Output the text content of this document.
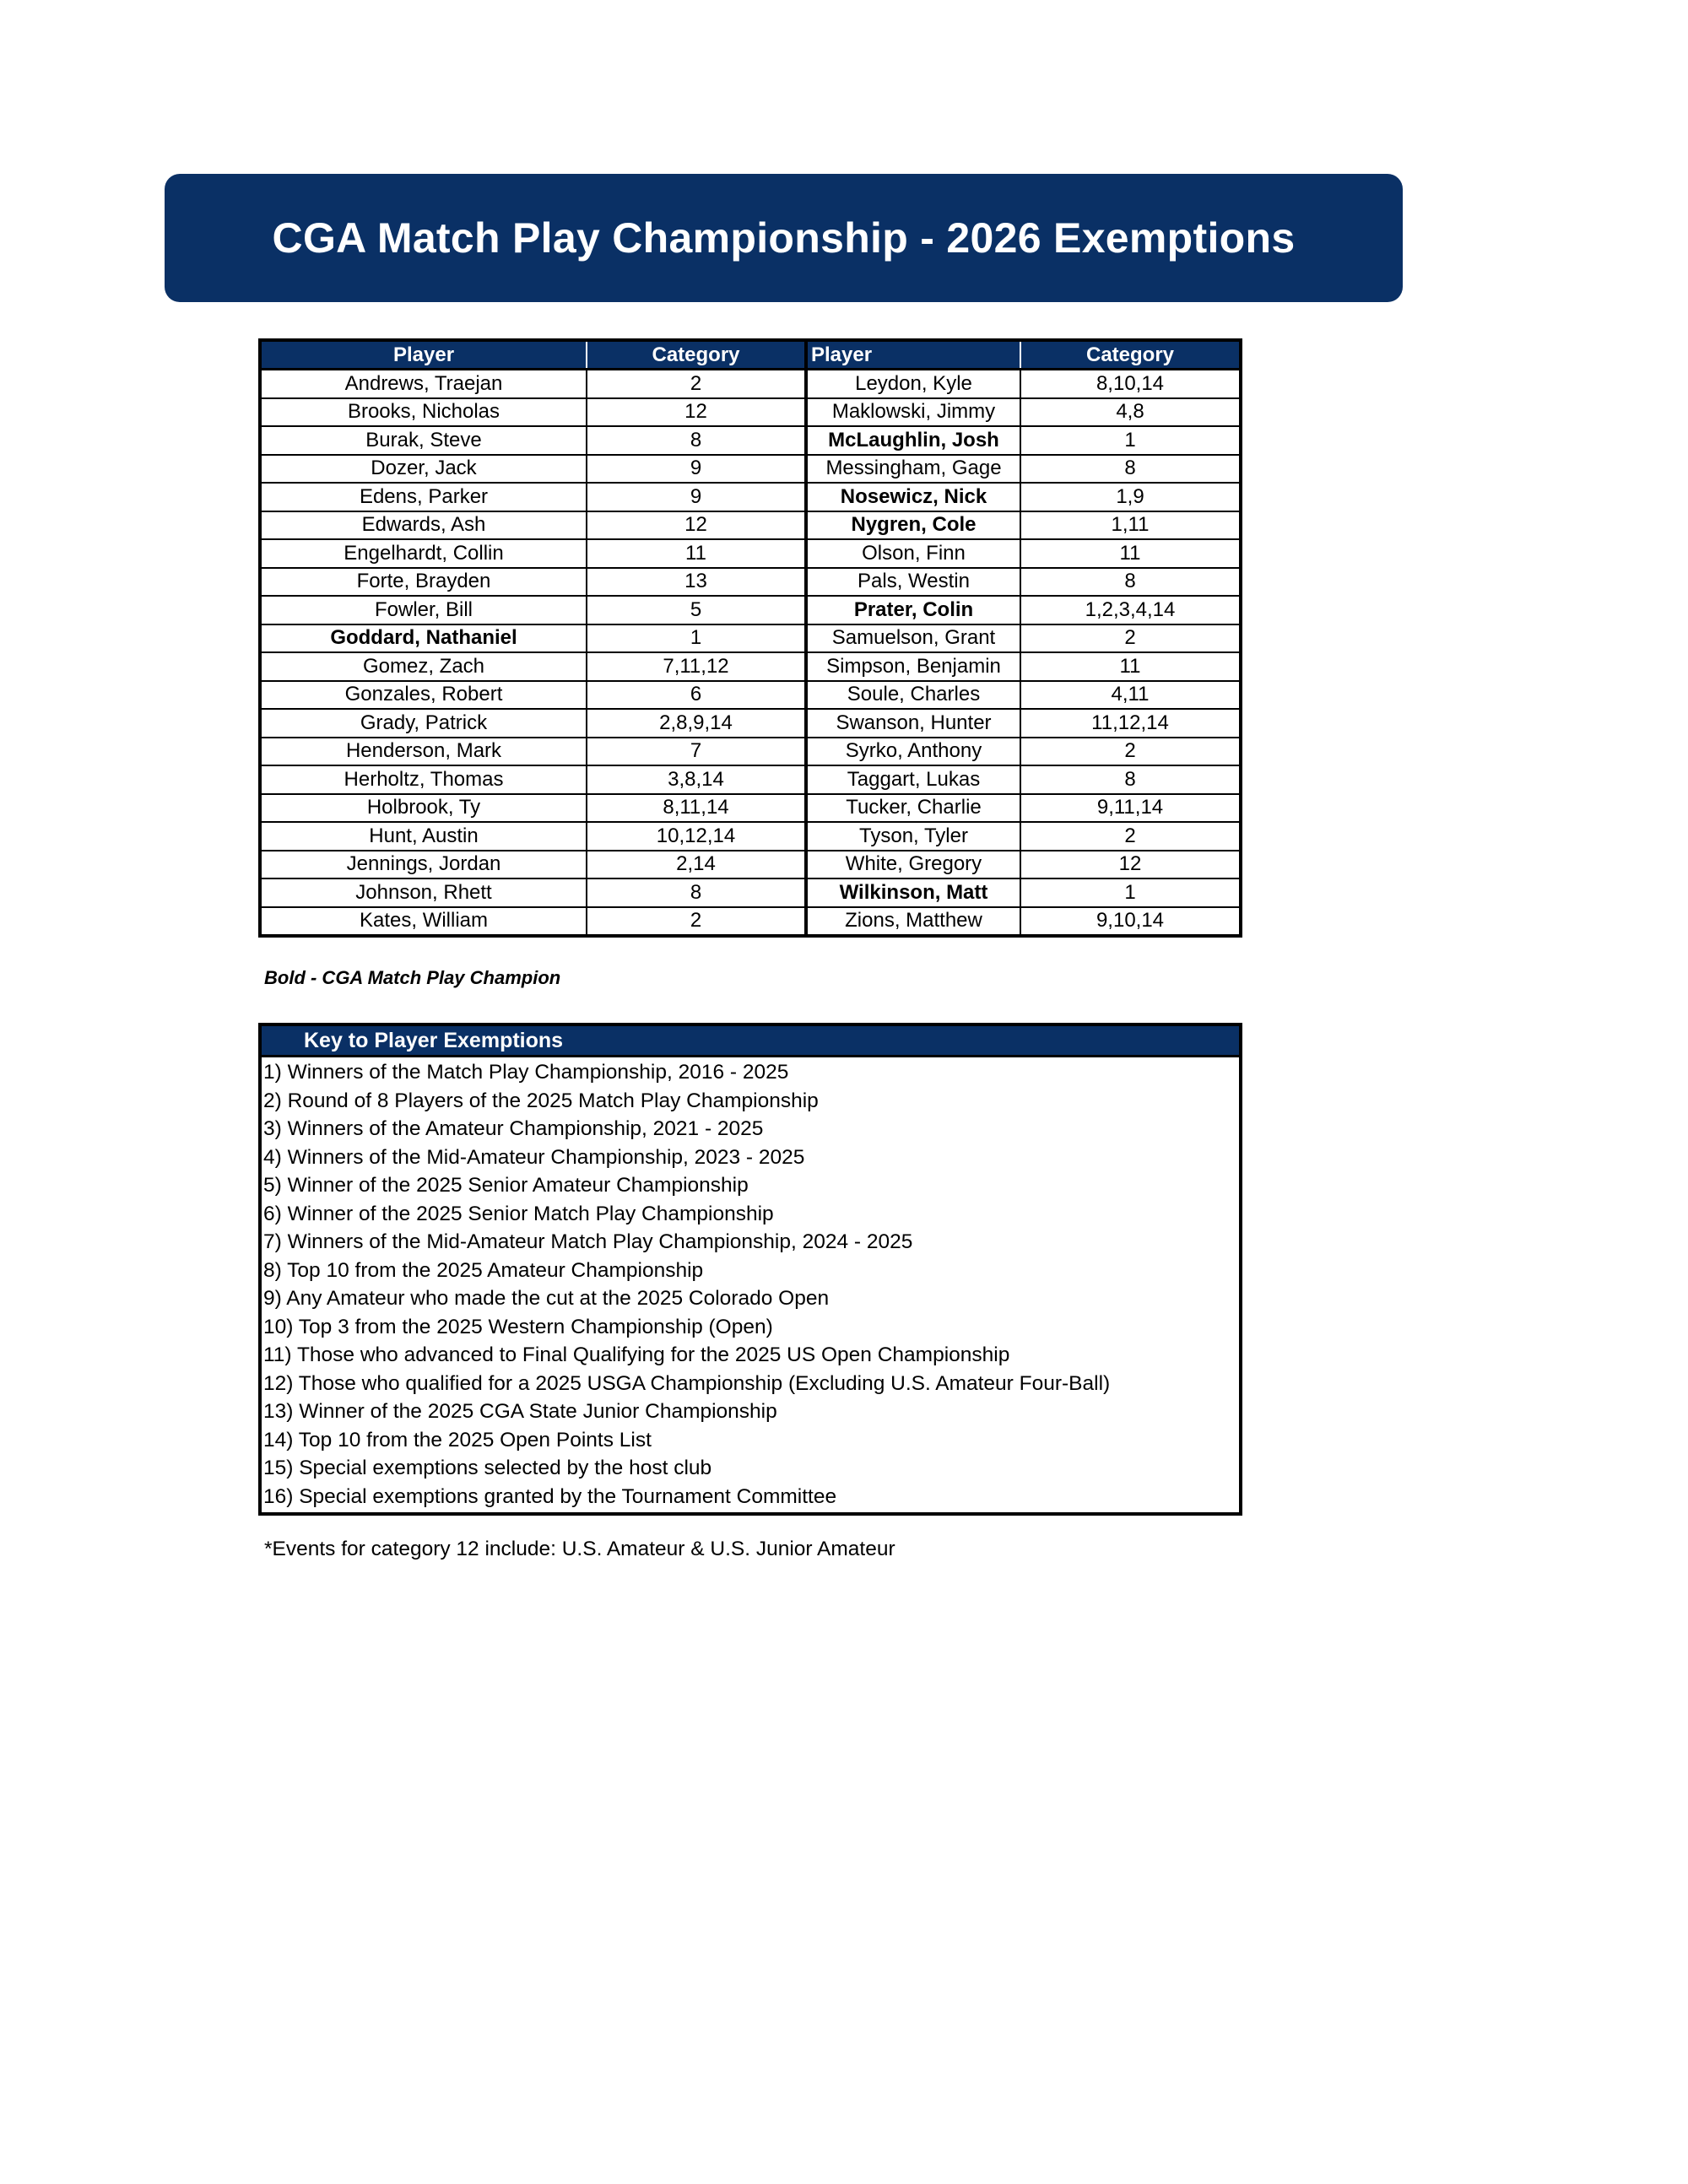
CGA Match Play Championship - 2026 Exemptions
Player	Category	Player	Category
Andrews, Traejan	2	Leydon, Kyle	8,10,14
Brooks, Nicholas	12	Maklowski, Jimmy	4,8
Burak, Steve	8	McLaughlin, Josh	1
Dozer, Jack	9	Messingham, Gage	8
Edens, Parker	9	Nosewicz, Nick	1,9
Edwards, Ash	12	Nygren, Cole	1,11
Engelhardt, Collin	11	Olson, Finn	11
Forte, Brayden	13	Pals, Westin	8
Fowler, Bill	5	Prater, Colin	1,2,3,4,14
Goddard, Nathaniel	1	Samuelson, Grant	2
Gomez, Zach	7,11,12	Simpson, Benjamin	11
Gonzales, Robert	6	Soule, Charles	4,11
Grady, Patrick	2,8,9,14	Swanson, Hunter	11,12,14
Henderson, Mark	7	Syrko, Anthony	2
Herholtz, Thomas	3,8,14	Taggart, Lukas	8
Holbrook, Ty	8,11,14	Tucker, Charlie	9,11,14
Hunt, Austin	10,12,14	Tyson, Tyler	2
Jennings, Jordan	2,14	White, Gregory	12
Johnson, Rhett	8	Wilkinson, Matt	1
Kates, William	2	Zions, Matthew	9,10,14
Bold - CGA Match Play Champion
Key to Player Exemptions
1) Winners of the Match Play Championship, 2016 - 2025
2) Round of 8 Players of the 2025 Match Play Championship
3) Winners of the Amateur Championship, 2021 - 2025
4) Winners of the Mid-Amateur Championship, 2023 - 2025
5) Winner of the 2025 Senior Amateur Championship
6) Winner of the 2025 Senior Match Play Championship
7) Winners of the Mid-Amateur Match Play Championship, 2024 - 2025
8) Top 10 from the 2025 Amateur Championship
9) Any Amateur who made the cut at the 2025 Colorado Open
10) Top 3 from the 2025 Western Championship (Open)
11) Those who advanced to Final Qualifying for the 2025 US Open Championship
12) Those who qualified for a 2025 USGA Championship (Excluding U.S. Amateur Four-Ball)
13) Winner of the 2025 CGA State Junior Championship
14) Top 10 from the 2025 Open Points List
15) Special exemptions selected by the host club
16) Special exemptions granted by the Tournament Committee
*Events for category 12 include: U.S. Amateur & U.S. Junior Amateur
